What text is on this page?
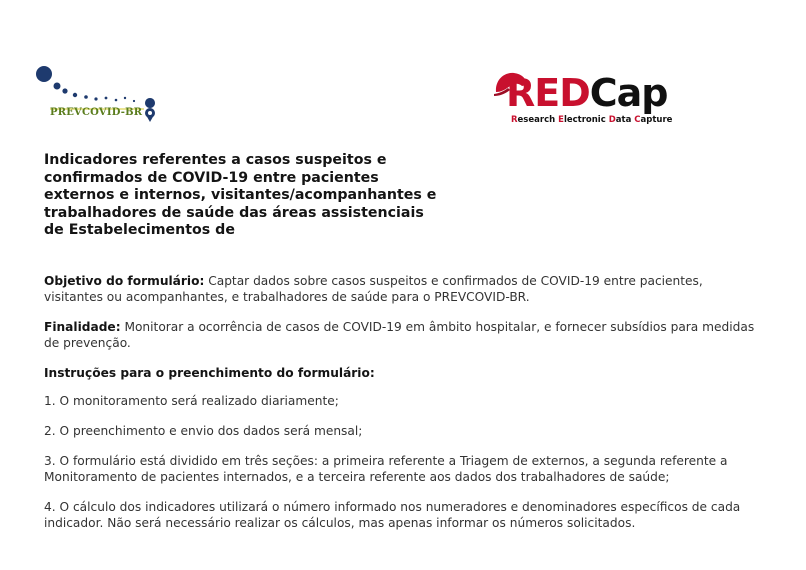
PREVCOVID-BR	REDCap
Research Electronic Data Capture
Indicadores referentes a casos suspeitos e confirmados de COVID-19 entre pacientes externos e internos, visitantes/acompanhantes e trabalhadores de saúde das áreas assistenciais de Estabelecimentos de

Objetivo do formulário: Captar dados sobre casos suspeitos e confirmados de COVID-19 entre pacientes, visitantes ou acompanhantes, e trabalhadores de saúde para o PREVCOVID-BR.

Finalidade: Monitorar a ocorrência de casos de COVID-19 em âmbito hospitalar, e fornecer subsídios para medidas de prevenção.

Instruções para o preenchimento do formulário:

1. O monitoramento será realizado diariamente;

2. O preenchimento e envio dos dados será mensal;

3. O formulário está dividido em três seções: a primeira referente a Triagem de externos, a segunda referente a Monitoramento de pacientes internados, e a terceira referente aos dados dos trabalhadores de saúde;

4. O cálculo dos indicadores utilizará o número informado nos numeradores e denominadores específicos de cada indicador. Não será necessário realizar os cálculos, mas apenas informar os números solicitados.
